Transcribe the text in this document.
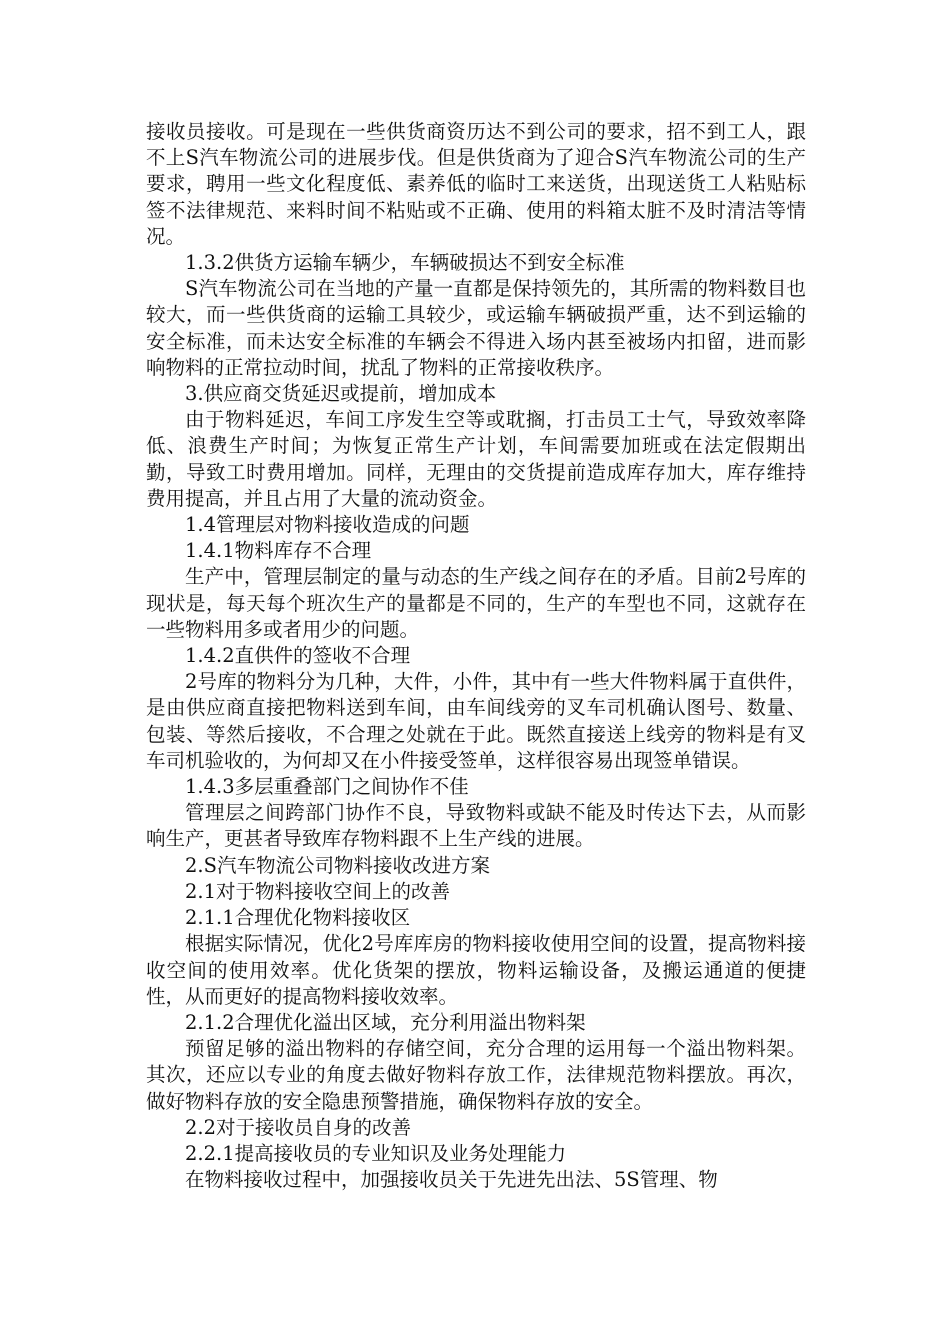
接收员接收。可是现在一些供货商资历达不到公司的要求，招不到工人，跟不上S汽车物流公司的进展步伐。但是供货商为了迎合S汽车物流公司的生产要求，聘用一些文化程度低、素养低的临时工来送货，出现送货工人粘贴标签不法律规范、来料时间不粘贴或不正确、使用的料箱太脏不及时清洁等情况。

1.3.2供货方运输车辆少，车辆破损达不到安全标准

S汽车物流公司在当地的产量一直都是保持领先的，其所需的物料数目也较大，而一些供货商的运输工具较少，或运输车辆破损严重，达不到运输的安全标准，而未达安全标准的车辆会不得进入场内甚至被场内扣留，进而影响物料的正常拉动时间，扰乱了物料的正常接收秩序。

3.供应商交货延迟或提前，增加成本

由于物料延迟，车间工序发生空等或耽搁，打击员工士气，导致效率降低、浪费生产时间；为恢复正常生产计划，车间需要加班或在法定假期出勤，导致工时费用增加。同样，无理由的交货提前造成库存加大，库存维持费用提高，并且占用了大量的流动资金。

1.4管理层对物料接收造成的问题

1.4.1物料库存不合理

生产中，管理层制定的量与动态的生产线之间存在的矛盾。目前2号库的现状是，每天每个班次生产的量都是不同的，生产的车型也不同，这就存在一些物料用多或者用少的问题。

1.4.2直供件的签收不合理

2号库的物料分为几种，大件，小件，其中有一些大件物料属于直供件，是由供应商直接把物料送到车间，由车间线旁的叉车司机确认图号、数量、包装、等然后接收，不合理之处就在于此。既然直接送上线旁的物料是有叉车司机验收的，为何却又在小件接受签单，这样很容易出现签单错误。

1.4.3多层重叠部门之间协作不佳

管理层之间跨部门协作不良，导致物料或缺不能及时传达下去，从而影响生产，更甚者导致库存物料跟不上生产线的进展。

2.S汽车物流公司物料接收改进方案

2.1对于物料接收空间上的改善

2.1.1合理优化物料接收区

根据实际情况，优化2号库库房的物料接收使用空间的设置，提高物料接收空间的使用效率。优化货架的摆放，物料运输设备，及搬运通道的便捷性，从而更好的提高物料接收效率。

2.1.2合理优化溢出区域，充分利用溢出物料架

预留足够的溢出物料的存储空间，充分合理的运用每一个溢出物料架。其次，还应以专业的角度去做好物料存放工作，法律规范物料摆放。再次，做好物料存放的安全隐患预警措施，确保物料存放的安全。

2.2对于接收员自身的改善

2.2.1提高接收员的专业知识及业务处理能力

在物料接收过程中，加强接收员关于先进先出法、5S管理、物
